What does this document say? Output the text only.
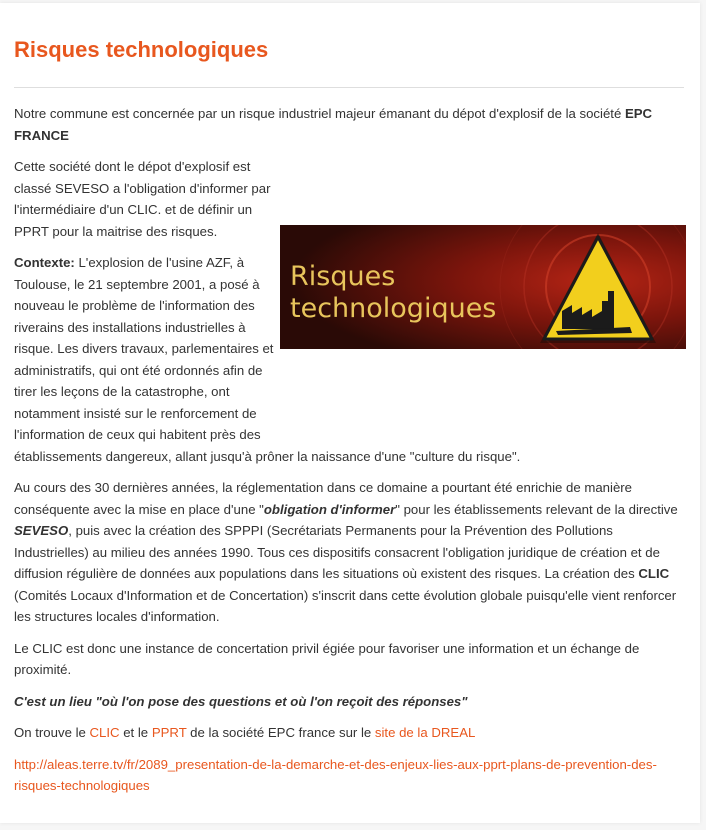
Risques technologiques

Notre commune est concernée par un risque industriel majeur émanant du dépot d'explosif de la société EPC FRANCE

Risques
technologiques

Cette société dont le dépot d'explosif est classé SEVESO a l'obligation d'informer par l'intermédiaire d'un CLIC. et de définir un PPRT pour la maitrise des risques.

Contexte: L'explosion de l'usine AZF, à Toulouse, le 21 septembre 2001, a posé à nouveau le problème de l'information des riverains des installations industrielles à risque. Les divers travaux, parlementaires et administratifs, qui ont été ordonnés afin de tirer les leçons de la catastrophe, ont notamment insisté sur le renforcement de l'information de ceux qui habitent près des établissements dangereux, allant jusqu'à prôner la naissance d'une "culture du risque".

Au cours des 30 dernières années, la réglementation dans ce domaine a pourtant été enrichie de manière conséquente avec la mise en place d'une "obligation d'informer" pour les établissements relevant de la directive SEVESO, puis avec la création des SPPPI (Secrétariats Permanents pour la Prévention des Pollutions Industrielles) au milieu des années 1990. Tous ces dispositifs consacrent l'obligation juridique de création et de diffusion régulière de données aux populations dans les situations où existent des risques. La création des CLIC (Comités Locaux d'Information et de Concertation) s'inscrit dans cette évolution globale puisqu'elle vient renforcer les structures locales d'information.

Le CLIC est donc une instance de concertation privil égiée pour favoriser une information et un échange de proximité.

C'est un lieu "où l'on pose des questions et où l'on reçoit des réponses"

On trouve le CLIC et le PPRT de la société EPC france sur le site de la DREAL

http://aleas.terre.tv/fr/2089_presentation-de-la-demarche-et-des-enjeux-lies-aux-pprt-plans-de-prevention-des-risques-technologiques
